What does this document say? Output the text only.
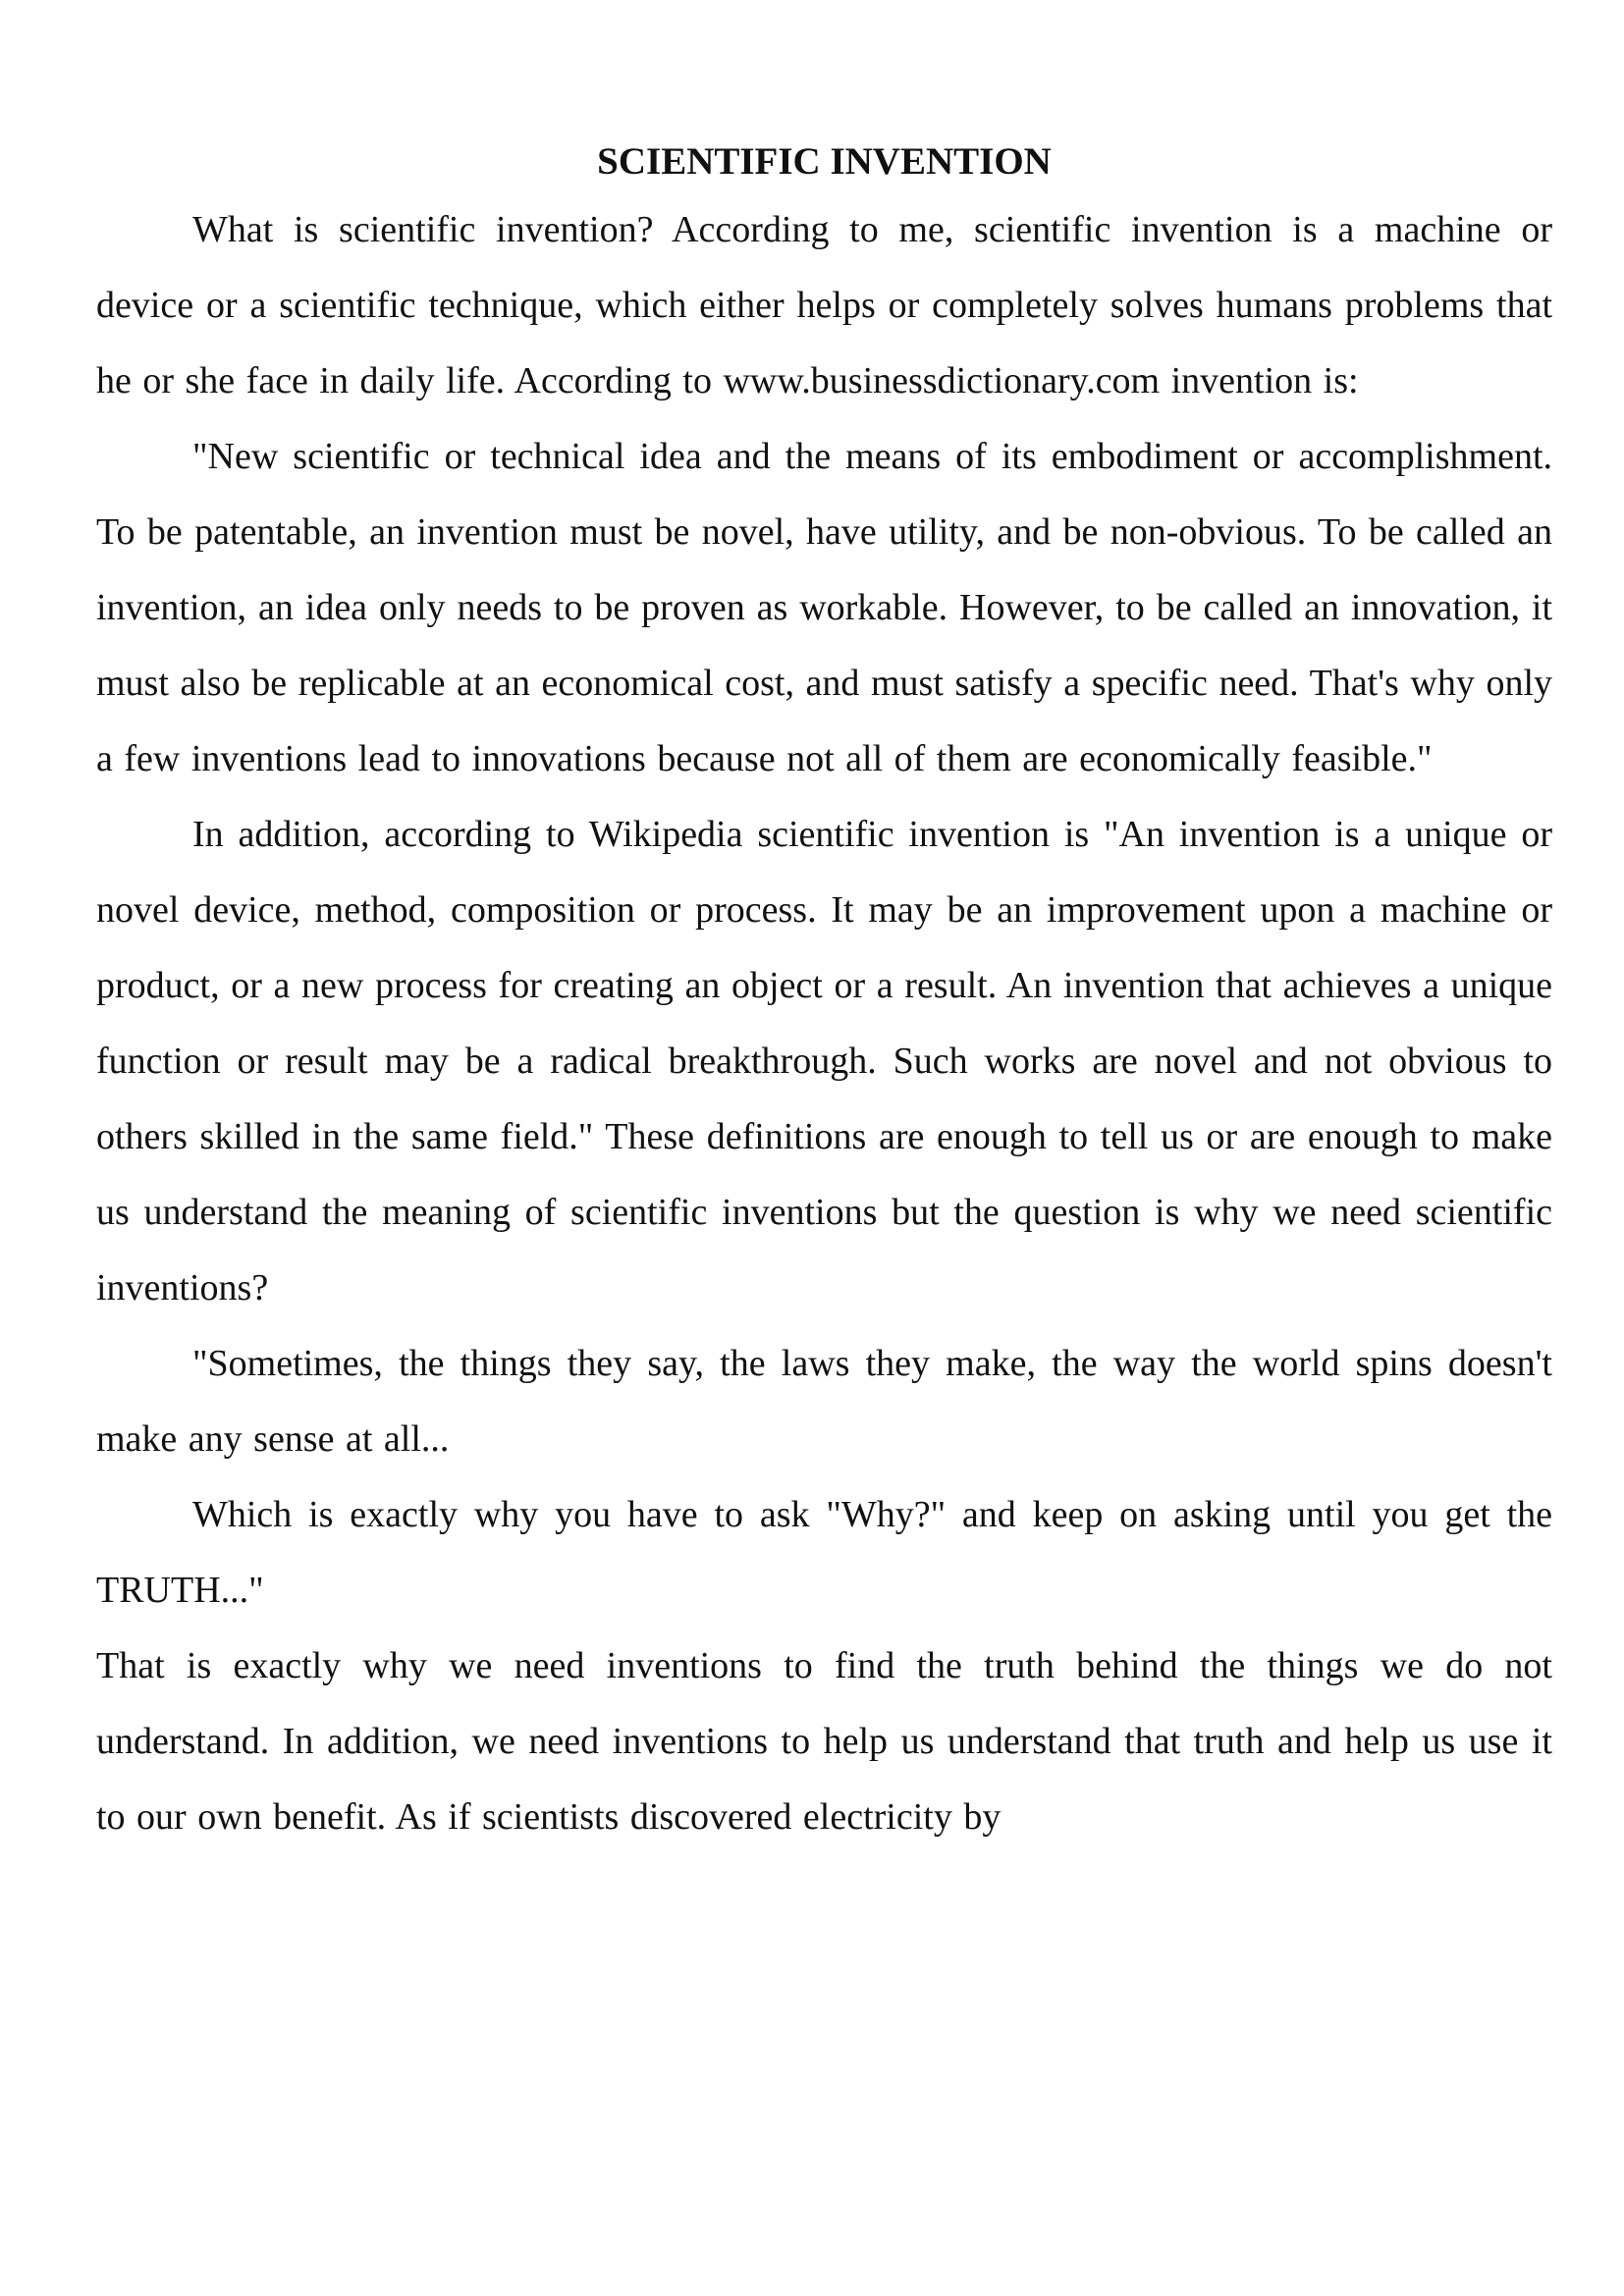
SCIENTIFIC INVENTION

What is scientific invention? According to me, scientific invention is a machine or device or a scientific technique, which either helps or completely solves humans problems that he or she face in daily life. According to www.businessdictionary.com invention is:

"New scientific or technical idea and the means of its embodiment or accomplishment. To be patentable, an invention must be novel, have utility, and be non-obvious. To be called an invention, an idea only needs to be proven as workable. However, to be called an innovation, it must also be replicable at an economical cost, and must satisfy a specific need. That's why only a few inventions lead to innovations because not all of them are economically feasible."

In addition, according to Wikipedia scientific invention is "An invention is a unique or novel device, method, composition or process. It may be an improvement upon a machine or product, or a new process for creating an object or a result. An invention that achieves a unique function or result may be a radical breakthrough. Such works are novel and not obvious to others skilled in the same field." These definitions are enough to tell us or are enough to make us understand the meaning of scientific inventions but the question is why we need scientific inventions?

"Sometimes, the things they say, the laws they make, the way the world spins doesn't make any sense at all...

Which is exactly why you have to ask "Why?" and keep on asking until you get the TRUTH..."

That is exactly why we need inventions to find the truth behind the things we do not understand. In addition, we need inventions to help us understand that truth and help us use it to our own benefit. As if scientists discovered electricity by
